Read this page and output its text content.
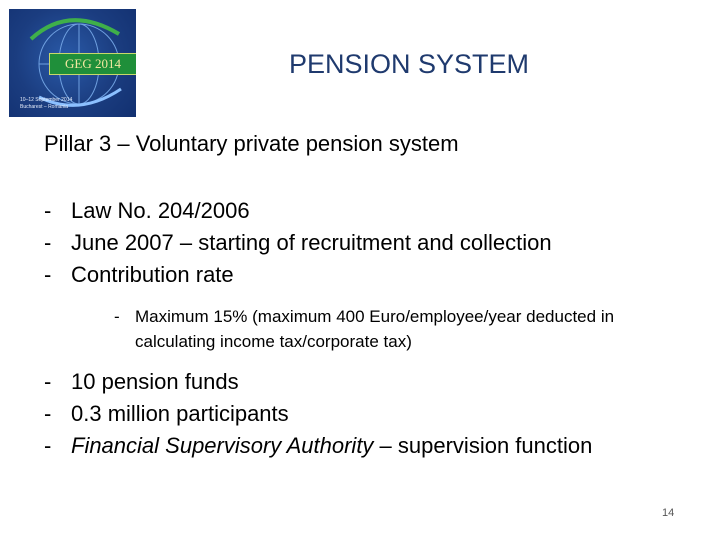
GEG 2014
10–12 September 2014
Bucharest – Romania
PENSION SYSTEM
Pillar 3 – Voluntary private pension system
- Law No. 204/2006
- June 2007 – starting of recruitment and collection
- Contribution rate
- Maximum 15% (maximum 400 Euro/employee/year deducted in calculating income tax/corporate tax)
- 10 pension funds
- 0.3 million participants
- Financial Supervisory Authority – supervision function
14
